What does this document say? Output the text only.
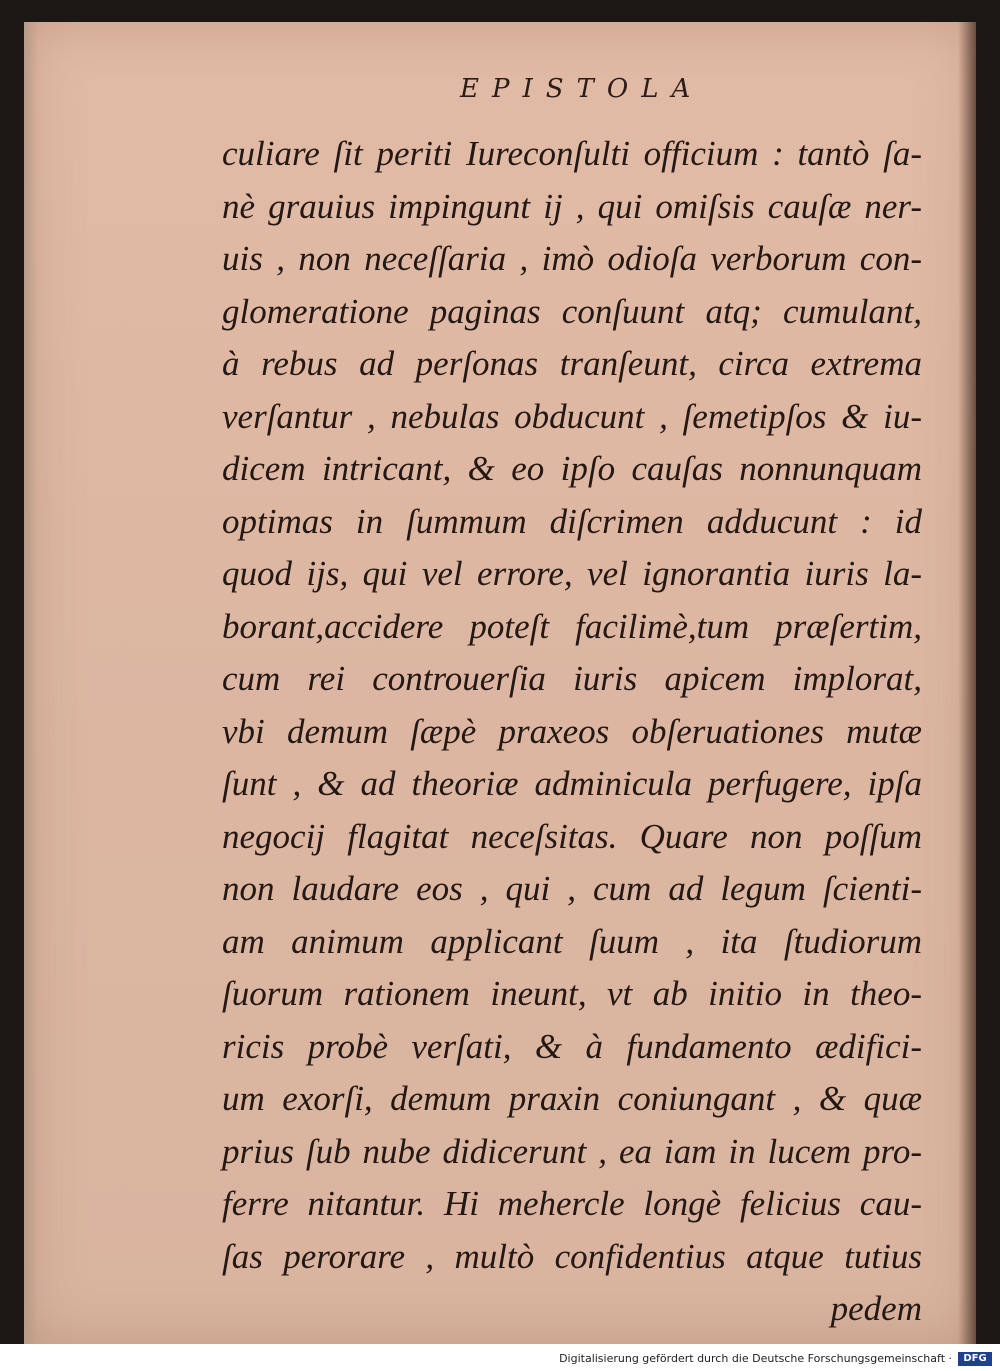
EPISTOLA
culiare ſit periti Iureconſulti officium : tantò ſa-
nè grauius impingunt ij , qui omiſsis cauſæ ner-
uis , non neceſſaria , imò odioſa verborum con-
glomeratione paginas conſuunt atq; cumulant,
à rebus ad perſonas tranſeunt, circa extrema
verſantur , nebulas obducunt , ſemetipſos & iu-
dicem intricant, & eo ipſo cauſas nonnunquam
optimas in ſummum diſcrimen adducunt : id
quod ijs, qui vel errore, vel ignorantia iuris la-
borant,accidere poteſt facilimè,tum præſertim,
cum rei controuerſia iuris apicem implorat,
vbi demum ſæpè praxeos obſeruationes mutæ
ſunt , & ad theoriæ adminicula perfugere, ipſa
negocij flagitat neceſsitas. Quare non poſſum
non laudare eos , qui , cum ad legum ſcienti-
am animum applicant ſuum , ita ſtudiorum
ſuorum rationem ineunt, vt ab initio in theo-
ricis probè verſati, & à fundamento ædifici-
um exorſi, demum praxin coniungant , & quæ
prius ſub nube didicerunt , ea iam in lucem pro-
ferre nitantur. Hi mehercle longè felicius cau-
ſas perorare , multò confidentius atque tutius
pedem
Digitalisierung gefördert durch die Deutsche Forschungsgemeinschaft ·	DFG
